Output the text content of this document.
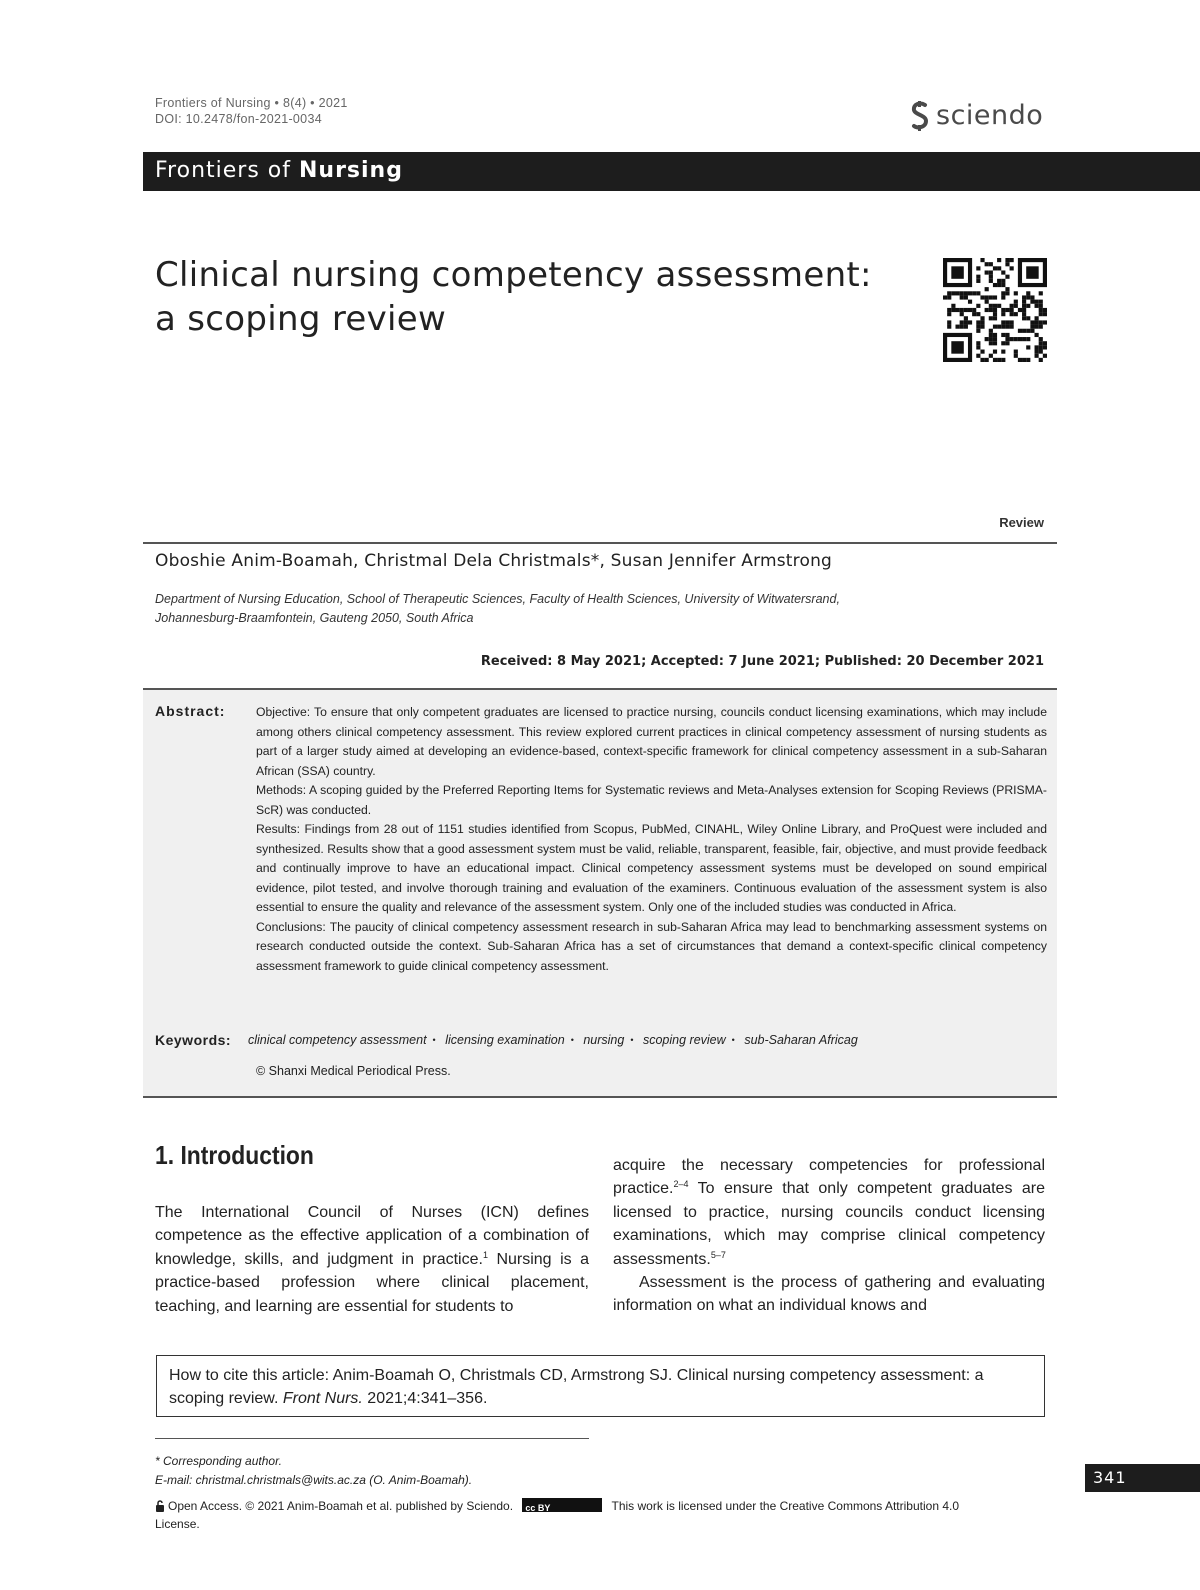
Frontiers of Nursing • 8(4) • 2021
DOI: 10.2478/fon-2021-0034	sciendo
Frontiers of Nursing
Clinical nursing competency assessment:
a scoping review
Review
Oboshie Anim-Boamah, Christmal Dela Christmals*, Susan Jennifer Armstrong
Department of Nursing Education, School of Therapeutic Sciences, Faculty of Health Sciences, University of Witwatersrand,
Johannesburg-Braamfontein, Gauteng 2050, South Africa
Received: 8 May 2021; Accepted: 7 June 2021; Published: 20 December 2021
Abstract:	Objective: To ensure that only competent graduates are licensed to practice nursing, councils conduct licensing examinations, which may include among others clinical competency assessment. This review explored current practices in clinical competency assessment of nursing students as part of a larger study aimed at developing an evidence-based, context-specific framework for clinical competency assessment in a sub-Saharan African (SSA) country.

Methods: A scoping guided by the Preferred Reporting Items for Systematic reviews and Meta-Analyses extension for Scoping Reviews (PRISMA-ScR) was conducted.

Results: Findings from 28 out of 1151 studies identified from Scopus, PubMed, CINAHL, Wiley Online Library, and ProQuest were included and synthesized. Results show that a good assessment system must be valid, reliable, transparent, feasible, fair, objective, and must provide feedback and continually improve to have an educational impact. Clinical competency assessment systems must be developed on sound empirical evidence, pilot tested, and involve thorough training and evaluation of the examiners. Continuous evaluation of the assessment system is also essential to ensure the quality and relevance of the assessment system. Only one of the included studies was conducted in Africa.

Conclusions: The paucity of clinical competency assessment research in sub-Saharan Africa may lead to benchmarking assessment systems on research conducted outside the context. Sub-Saharan Africa has a set of circumstances that demand a context-specific clinical competency assessment framework to guide clinical competency assessment.

Keywords: clinical competency assessment • licensing examination • nursing • scoping review • sub-Saharan Africag
© Shanxi Medical Periodical Press.
1. Introduction

The International Council of Nurses (ICN) defines competence as the effective application of a combination of knowledge, skills, and judgment in practice.$^1$ Nursing is a practice-based profession where clinical placement, teaching, and learning are essential for students to

acquire the necessary competencies for professional practice.$^{2-4}$ To ensure that only competent graduates are licensed to practice, nursing councils conduct licensing examinations, which may comprise clinical competency assessments.$^{5-7}$

Assessment is the process of gathering and evaluating information on what an individual knows and

How to cite this article: Anim-Boamah O, Christmals CD, Armstrong SJ. Clinical nursing competency assessment: a scoping review. Front Nurs. 2021;4:341–356.
* Corresponding author.
E-mail: christmal.christmals@wits.ac.za (O. Anim-Boamah).	341
Open Access. © 2021 Anim-Boamah et al. published by Sciendo. cc BY	This work is licensed under the Creative Commons Attribution 4.0 License.
